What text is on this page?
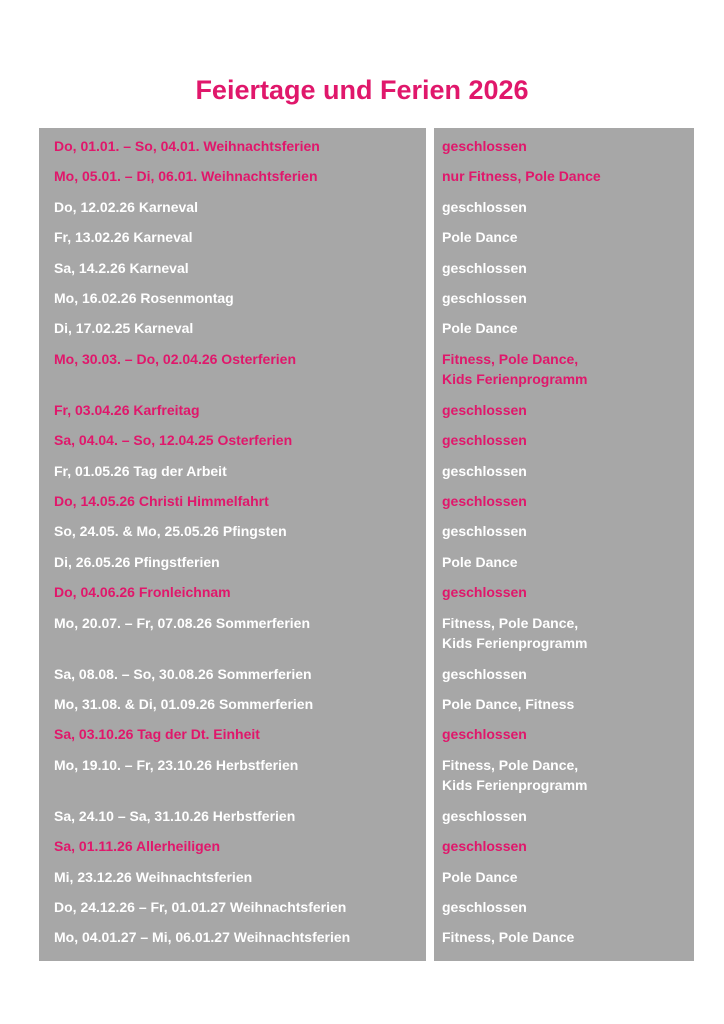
Feiertage und Ferien 2026
Do, 01.01. – So, 04.01. Weihnachtsferien
Mo, 05.01. – Di, 06.01. Weihnachtsferien
Do, 12.02.26 Karneval
Fr, 13.02.26 Karneval
Sa, 14.2.26 Karneval
Mo, 16.02.26 Rosenmontag
Di, 17.02.25 Karneval
Mo, 30.03. – Do, 02.04.26 Osterferien
Fr, 03.04.26 Karfreitag
Sa, 04.04. – So, 12.04.25 Osterferien
Fr, 01.05.26 Tag der Arbeit
Do, 14.05.26 Christi Himmelfahrt
So, 24.05. & Mo, 25.05.26 Pfingsten
Di, 26.05.26 Pfingstferien
Do, 04.06.26 Fronleichnam
Mo, 20.07. – Fr, 07.08.26 Sommerferien
Sa, 08.08. – So, 30.08.26 Sommerferien
Mo, 31.08. & Di, 01.09.26 Sommerferien
Sa, 03.10.26 Tag der Dt. Einheit
Mo, 19.10. – Fr, 23.10.26 Herbstferien
Sa, 24.10 – Sa, 31.10.26 Herbstferien
Sa, 01.11.26 Allerheiligen
Mi, 23.12.26 Weihnachtsferien
Do, 24.12.26 – Fr, 01.01.27 Weihnachtsferien
Mo, 04.01.27 – Mi, 06.01.27 Weihnachtsferien
geschlossen
nur Fitness, Pole Dance
geschlossen
Pole Dance
geschlossen
geschlossen
Pole Dance
Fitness, Pole Dance,
Kids Ferienprogramm
geschlossen
geschlossen
geschlossen
geschlossen
geschlossen
Pole Dance
geschlossen
Fitness, Pole Dance,
Kids Ferienprogramm
geschlossen
Pole Dance, Fitness
geschlossen
Fitness, Pole Dance,
Kids Ferienprogramm
geschlossen
geschlossen
Pole Dance
geschlossen
Fitness, Pole Dance
